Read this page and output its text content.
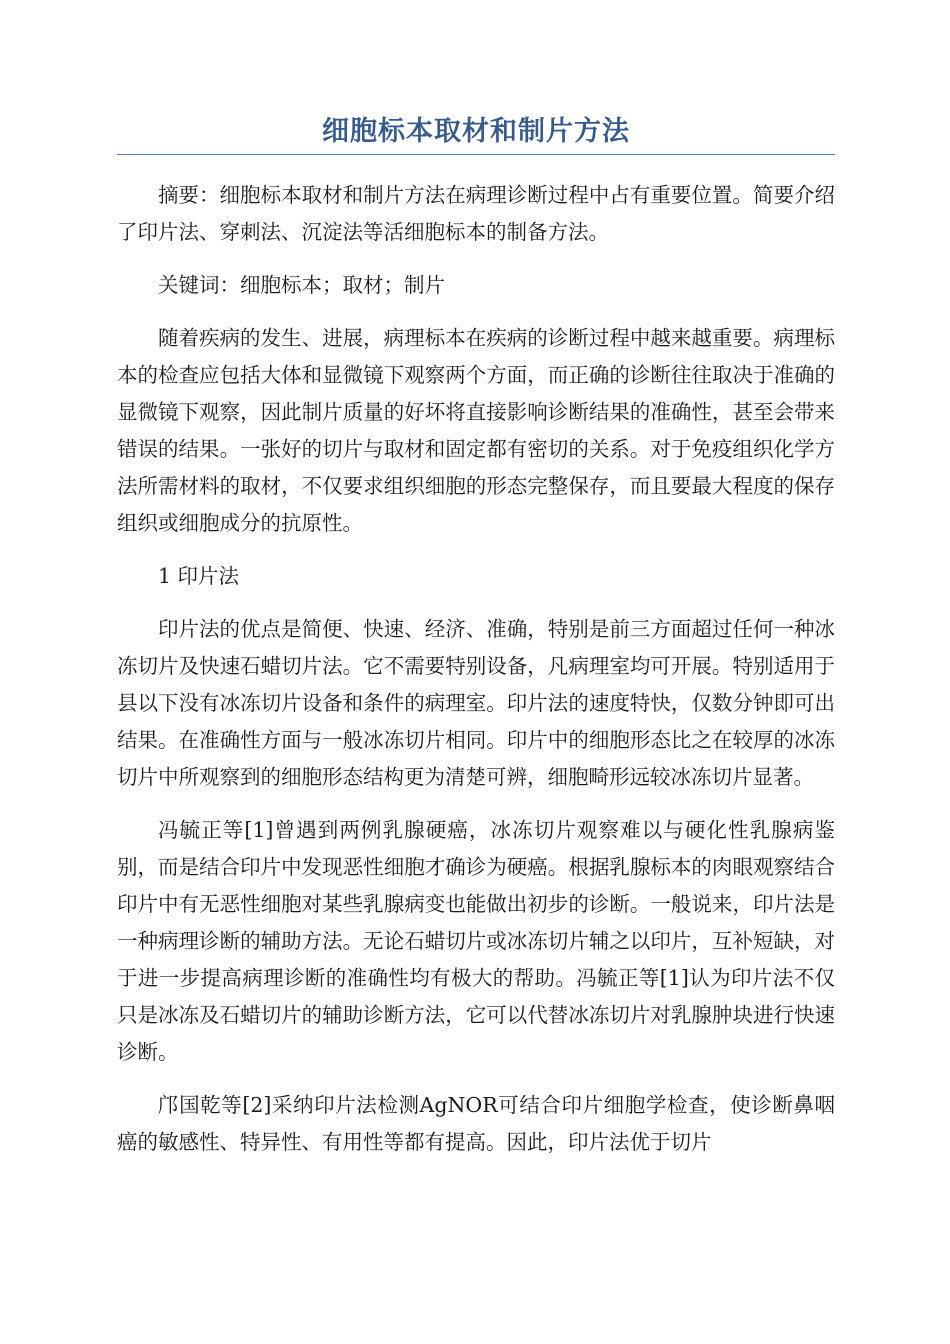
细胞标本取材和制片方法

摘要：细胞标本取材和制片方法在病理诊断过程中占有重要位置。简要介绍了印片法、穿刺法、沉淀法等活细胞标本的制备方法。

关键词：细胞标本；取材；制片

随着疾病的发生、进展，病理标本在疾病的诊断过程中越来越重要。病理标本的检查应包括大体和显微镜下观察两个方面，而正确的诊断往往取决于准确的显微镜下观察，因此制片质量的好坏将直接影响诊断结果的准确性，甚至会带来错误的结果。一张好的切片与取材和固定都有密切的关系。对于免疫组织化学方法所需材料的取材，不仅要求组织细胞的形态完整保存，而且要最大程度的保存组织或细胞成分的抗原性。

1 印片法

印片法的优点是简便、快速、经济、准确，特别是前三方面超过任何一种冰冻切片及快速石蜡切片法。它不需要特别设备，凡病理室均可开展。特别适用于县以下没有冰冻切片设备和条件的病理室。印片法的速度特快，仅数分钟即可出结果。在准确性方面与一般冰冻切片相同。印片中的细胞形态比之在较厚的冰冻切片中所观察到的细胞形态结构更为清楚可辨，细胞畸形远较冰冻切片显著。

冯毓正等[1]曾遇到两例乳腺硬癌，冰冻切片观察难以与硬化性乳腺病鉴别，而是结合印片中发现恶性细胞才确诊为硬癌。根据乳腺标本的肉眼观察结合印片中有无恶性细胞对某些乳腺病变也能做出初步的诊断。一般说来，印片法是一种病理诊断的辅助方法。无论石蜡切片或冰冻切片辅之以印片，互补短缺，对于进一步提高病理诊断的准确性均有极大的帮助。冯毓正等[1]认为印片法不仅只是冰冻及石蜡切片的辅助诊断方法，它可以代替冰冻切片对乳腺肿块进行快速诊断。

邝国乾等[2]采纳印片法检测AgNOR可结合印片细胞学检查，使诊断鼻咽癌的敏感性、特异性、有用性等都有提高。因此，印片法优于切片
